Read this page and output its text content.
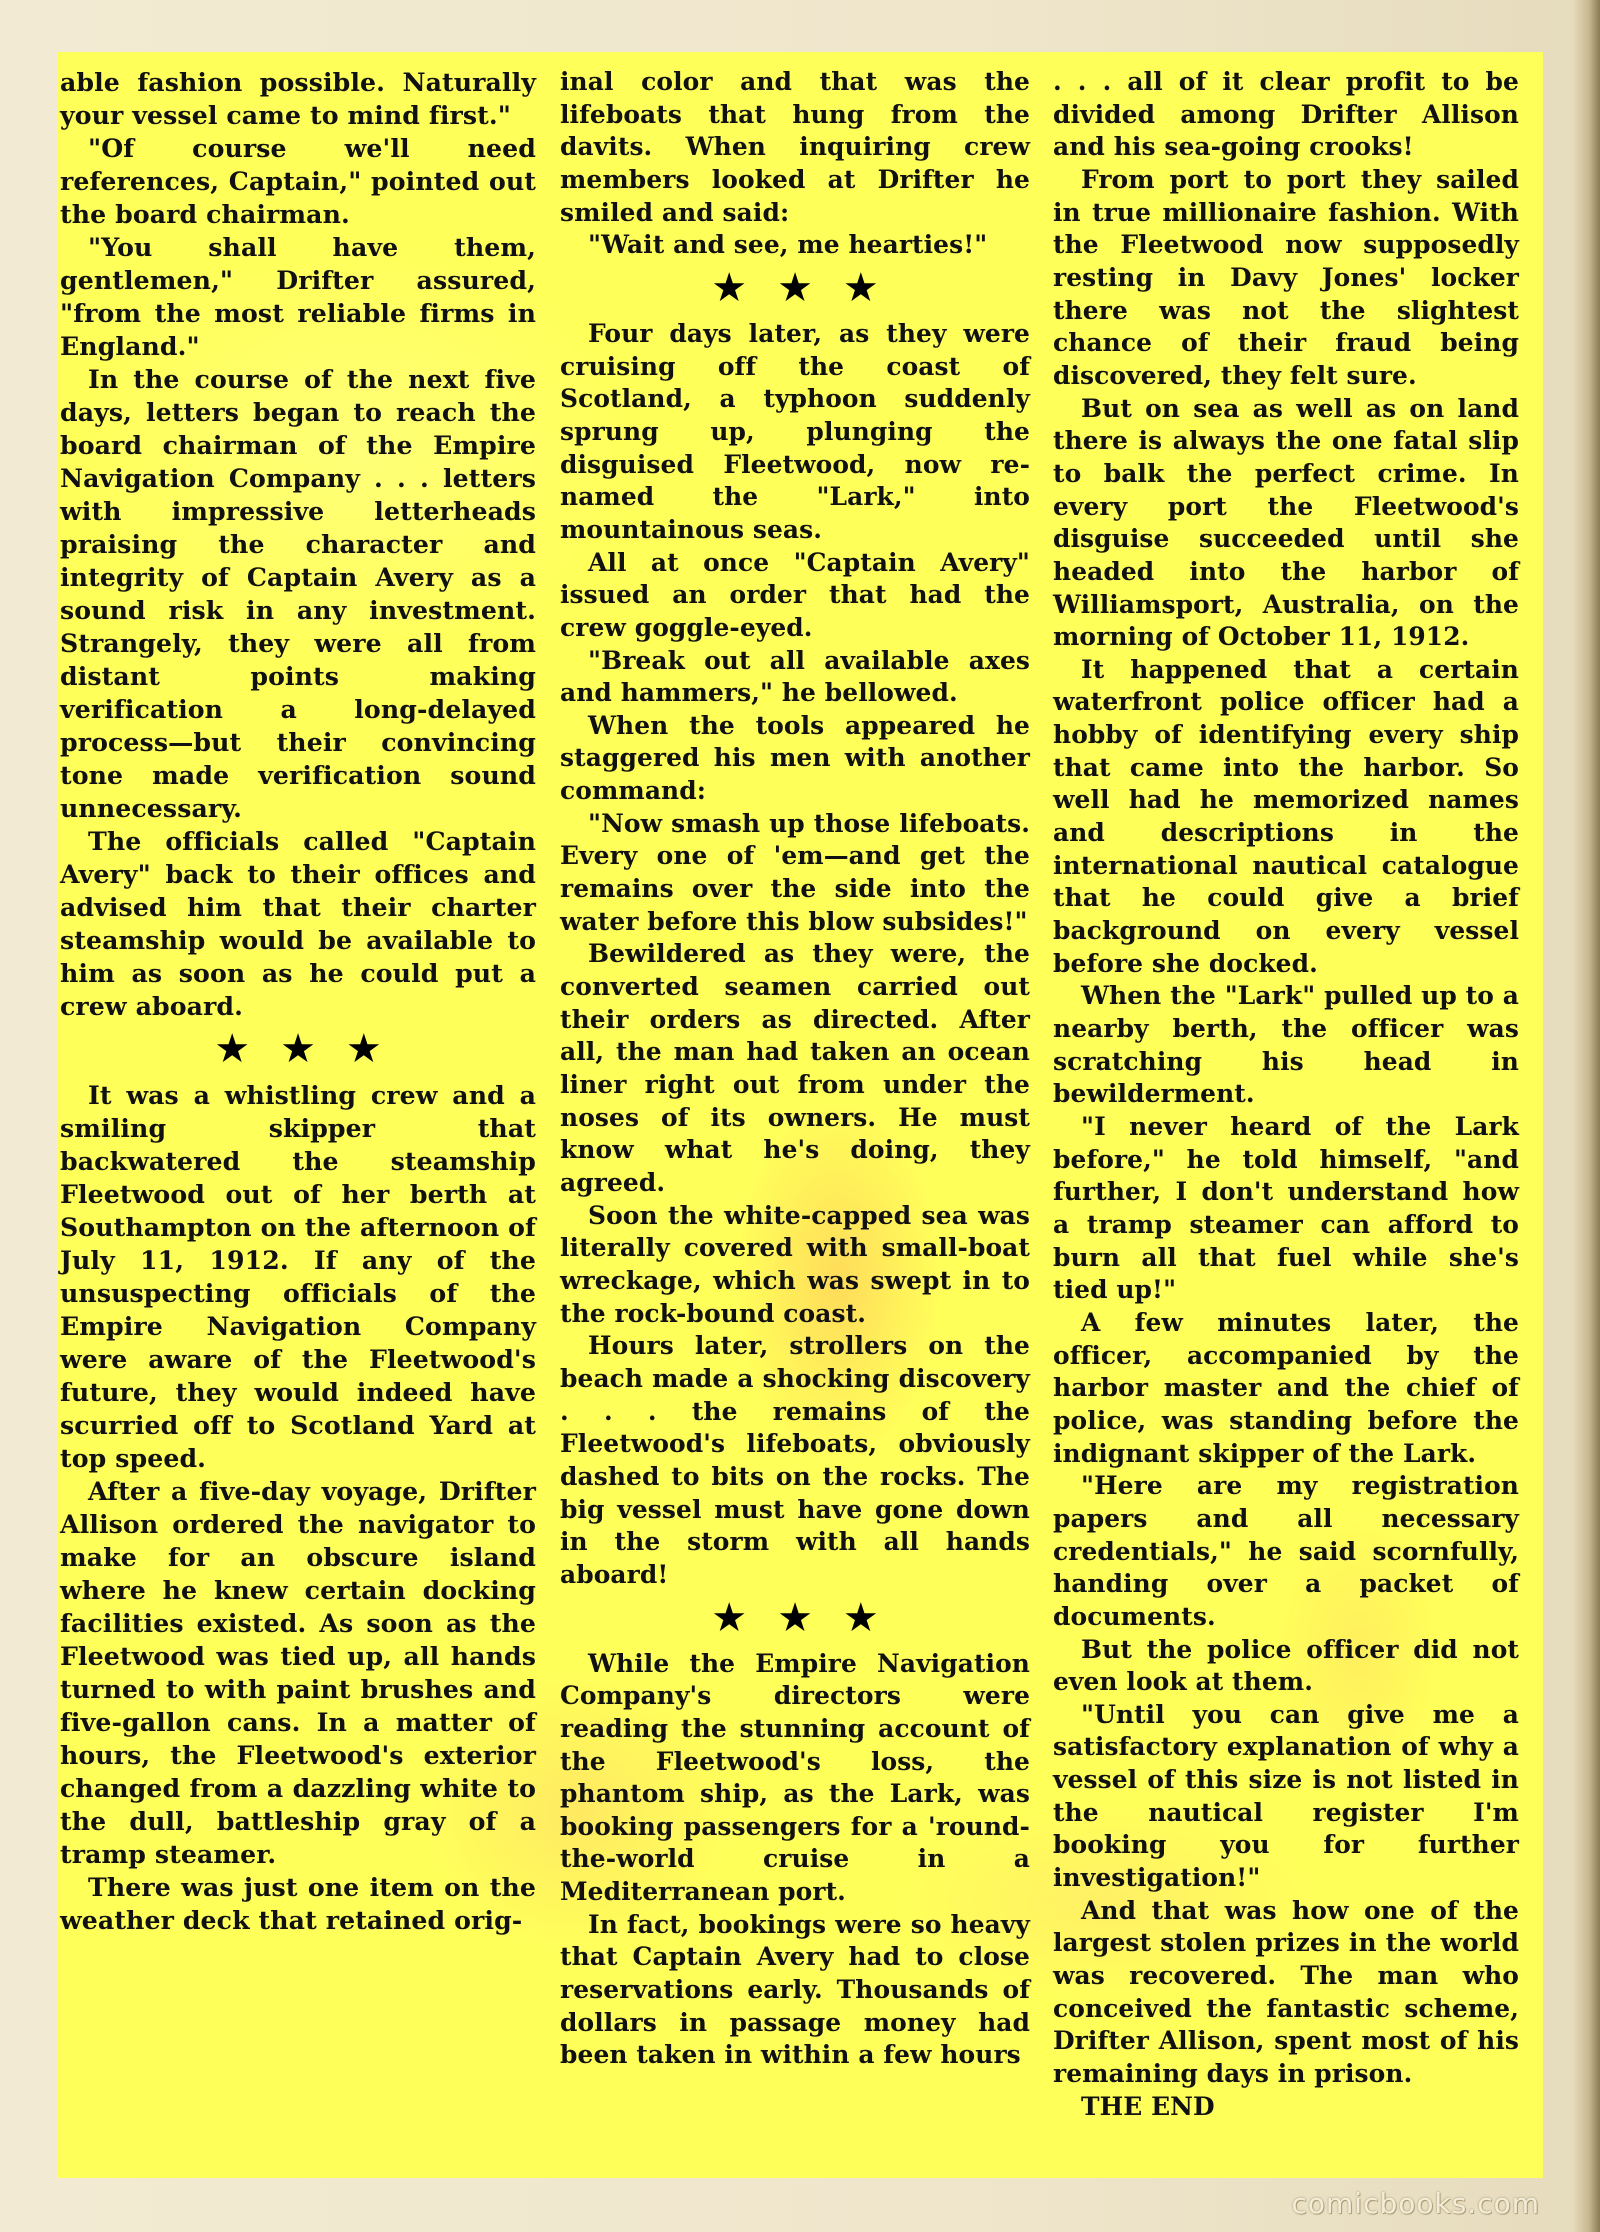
able fashion possible. Naturally your vessel came to mind first."

"Of course we'll need references, Captain," pointed out the board chairman.

"You shall have them, gentlemen," Drifter assured, "from the most reliable firms in England."

In the course of the next five days, letters began to reach the board chairman of the Empire Navigation Company . . . letters with impressive letterheads praising the character and integrity of Captain Avery as a sound risk in any investment. Strangely, they were all from distant points making verification a long-delayed process—but their convincing tone made verification sound unnecessary.

The officials called "Captain Avery" back to their offices and advised him that their charter steamship would be available to him as soon as he could put a crew aboard.

★★★

It was a whistling crew and a smiling skipper that backwatered the steamship Fleetwood out of her berth at Southampton on the afternoon of July 11, 1912. If any of the unsuspecting officials of the Empire Navigation Company were aware of the Fleetwood's future, they would indeed have scurried off to Scotland Yard at top speed.

After a five-day voyage, Drifter Allison ordered the navigator to make for an obscure island where he knew certain docking facilities existed. As soon as the Fleetwood was tied up, all hands turned to with paint brushes and five-gallon cans. In a matter of hours, the Fleetwood's exterior changed from a dazzling white to the dull, battleship gray of a tramp steamer.

There was just one item on the weather deck that retained orig-

inal color and that was the lifeboats that hung from the davits. When inquiring crew members looked at Drifter he smiled and said:

"Wait and see, me hearties!"

★★★

Four days later, as they were cruising off the coast of Scotland, a typhoon suddenly sprung up, plunging the disguised Fleetwood, now re-named the "Lark," into mountainous seas.

All at once "Captain Avery" issued an order that had the crew goggle-eyed.

"Break out all available axes and hammers," he bellowed.

When the tools appeared he staggered his men with another command:

"Now smash up those lifeboats. Every one of 'em—and get the remains over the side into the water before this blow subsides!"

Bewildered as they were, the converted seamen carried out their orders as directed. After all, the man had taken an ocean liner right out from under the noses of its owners. He must know what he's doing, they agreed.

Soon the white-capped sea was literally covered with small-boat wreckage, which was swept in to the rock-bound coast.

Hours later, strollers on the beach made a shocking discovery . . . the remains of the Fleetwood's lifeboats, obviously dashed to bits on the rocks. The big vessel must have gone down in the storm with all hands aboard!

★★★

While the Empire Navigation Company's directors were reading the stunning account of the Fleetwood's loss, the phantom ship, as the Lark, was booking passengers for a 'round-the-world cruise in a Mediterranean port.

In fact, bookings were so heavy that Captain Avery had to close reservations early. Thousands of dollars in passage money had been taken in within a few hours

. . . all of it clear profit to be divided among Drifter Allison and his sea-going crooks!

From port to port they sailed in true millionaire fashion. With the Fleetwood now supposedly resting in Davy Jones' locker there was not the slightest chance of their fraud being discovered, they felt sure.

But on sea as well as on land there is always the one fatal slip to balk the perfect crime. In every port the Fleetwood's disguise succeeded until she headed into the harbor of Williamsport, Australia, on the morning of October 11, 1912.

It happened that a certain waterfront police officer had a hobby of identifying every ship that came into the harbor. So well had he memorized names and descriptions in the international nautical catalogue that he could give a brief background on every vessel before she docked.

When the "Lark" pulled up to a nearby berth, the officer was scratching his head in bewilderment.

"I never heard of the Lark before," he told himself, "and further, I don't understand how a tramp steamer can afford to burn all that fuel while she's tied up!"

A few minutes later, the officer, accompanied by the harbor master and the chief of police, was standing before the indignant skipper of the Lark.

"Here are my registration papers and all necessary credentials," he said scornfully, handing over a packet of documents.

But the police officer did not even look at them.

"Until you can give me a satisfactory explanation of why a vessel of this size is not listed in the nautical register I'm booking you for further investigation!"

And that was how one of the largest stolen prizes in the world was recovered. The man who conceived the fantastic scheme, Drifter Allison, spent most of his remaining days in prison.

THE END

comicbooks.com
